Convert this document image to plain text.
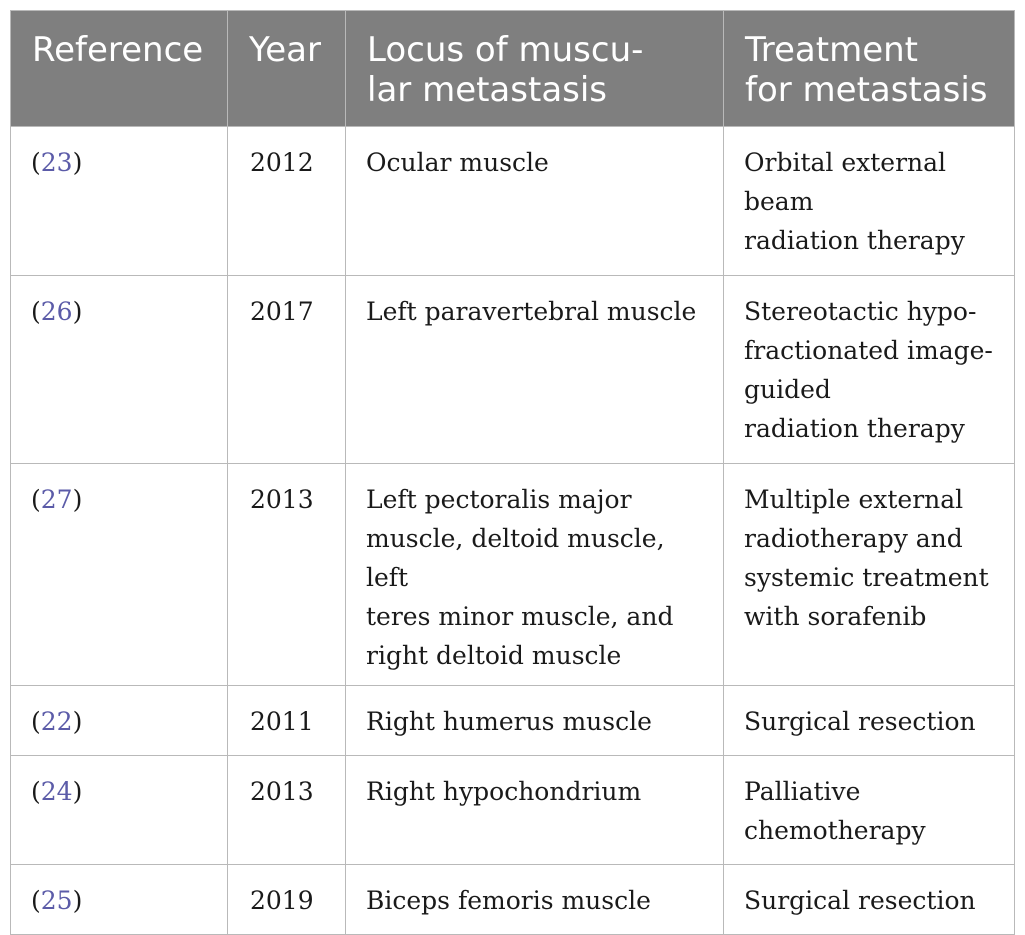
Reference	Year	Locus of muscu-
lar metastasis	Treatment
for metastasis

(23)	2012	Ocular muscle	Orbital external
beam
radiation therapy

(26)	2017	Left paravertebral muscle	Stereotactic hypo-
fractionated image-
guided
radiation therapy

(27)	2013	Left pectoralis major
muscle, deltoid muscle, left
teres minor muscle, and
right deltoid muscle	Multiple external
radiotherapy and
systemic treatment
with sorafenib

(22)	2011	Right humerus muscle	Surgical resection

(24)	2013	Right hypochondrium	Palliative
chemotherapy

(25)	2019	Biceps femoris muscle	Surgical resection
